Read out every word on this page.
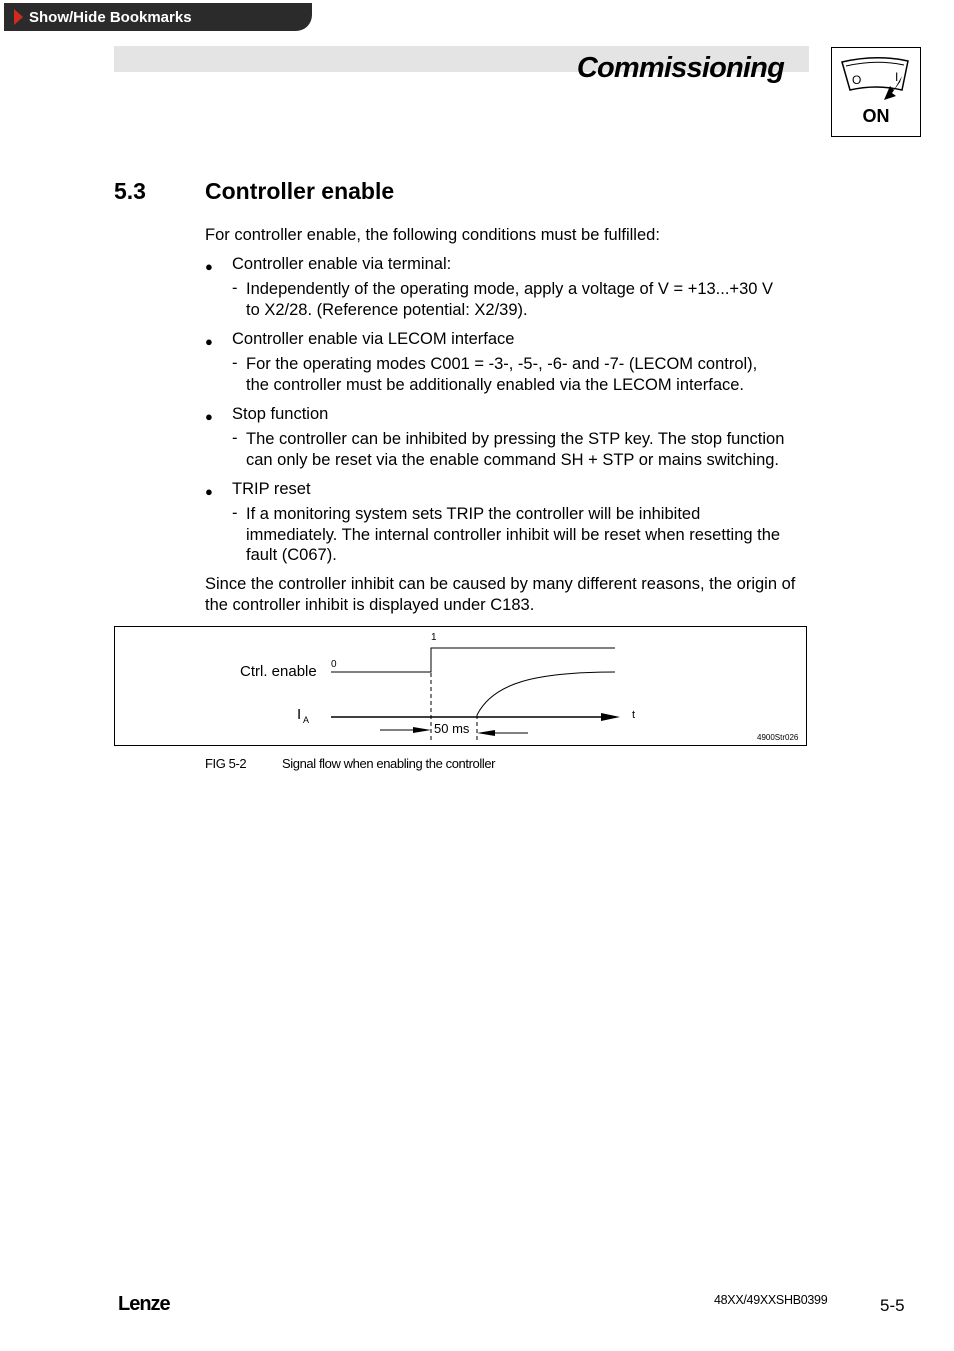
Show/Hide Bookmarks
Commissioning	O	I
ON
5.3	Controller enable
For controller enable, the following conditions must be fulfilled:
● Controller enable via terminal:
- Independently of the operating mode, apply a voltage of V = +13...+30 V
to X2/28. (Reference potential: X2/39).
● Controller enable via LECOM interface
- For the operating modes C001 = -3-, -5-, -6- and -7- (LECOM control),
the controller must be additionally enabled via the LECOM interface.
● Stop function
- The controller can be inhibited by pressing the STP key. The stop function
can only be reset via the enable command SH + STP or mains switching.
● TRIP reset
- If a monitoring system sets TRIP the controller will be inhibited
immediately. The internal controller inhibit will be reset when resetting the
fault (C067).
Since the controller inhibit can be caused by many different reasons, the origin of
the controller inhibit is displayed under C183.
Ctrl. enable 0
1
I A	t
50 ms
4900Str026
FIG 5-2	Signal flow when enabling the controller
Lenze	48XX/49XXSHB0399	5-5
